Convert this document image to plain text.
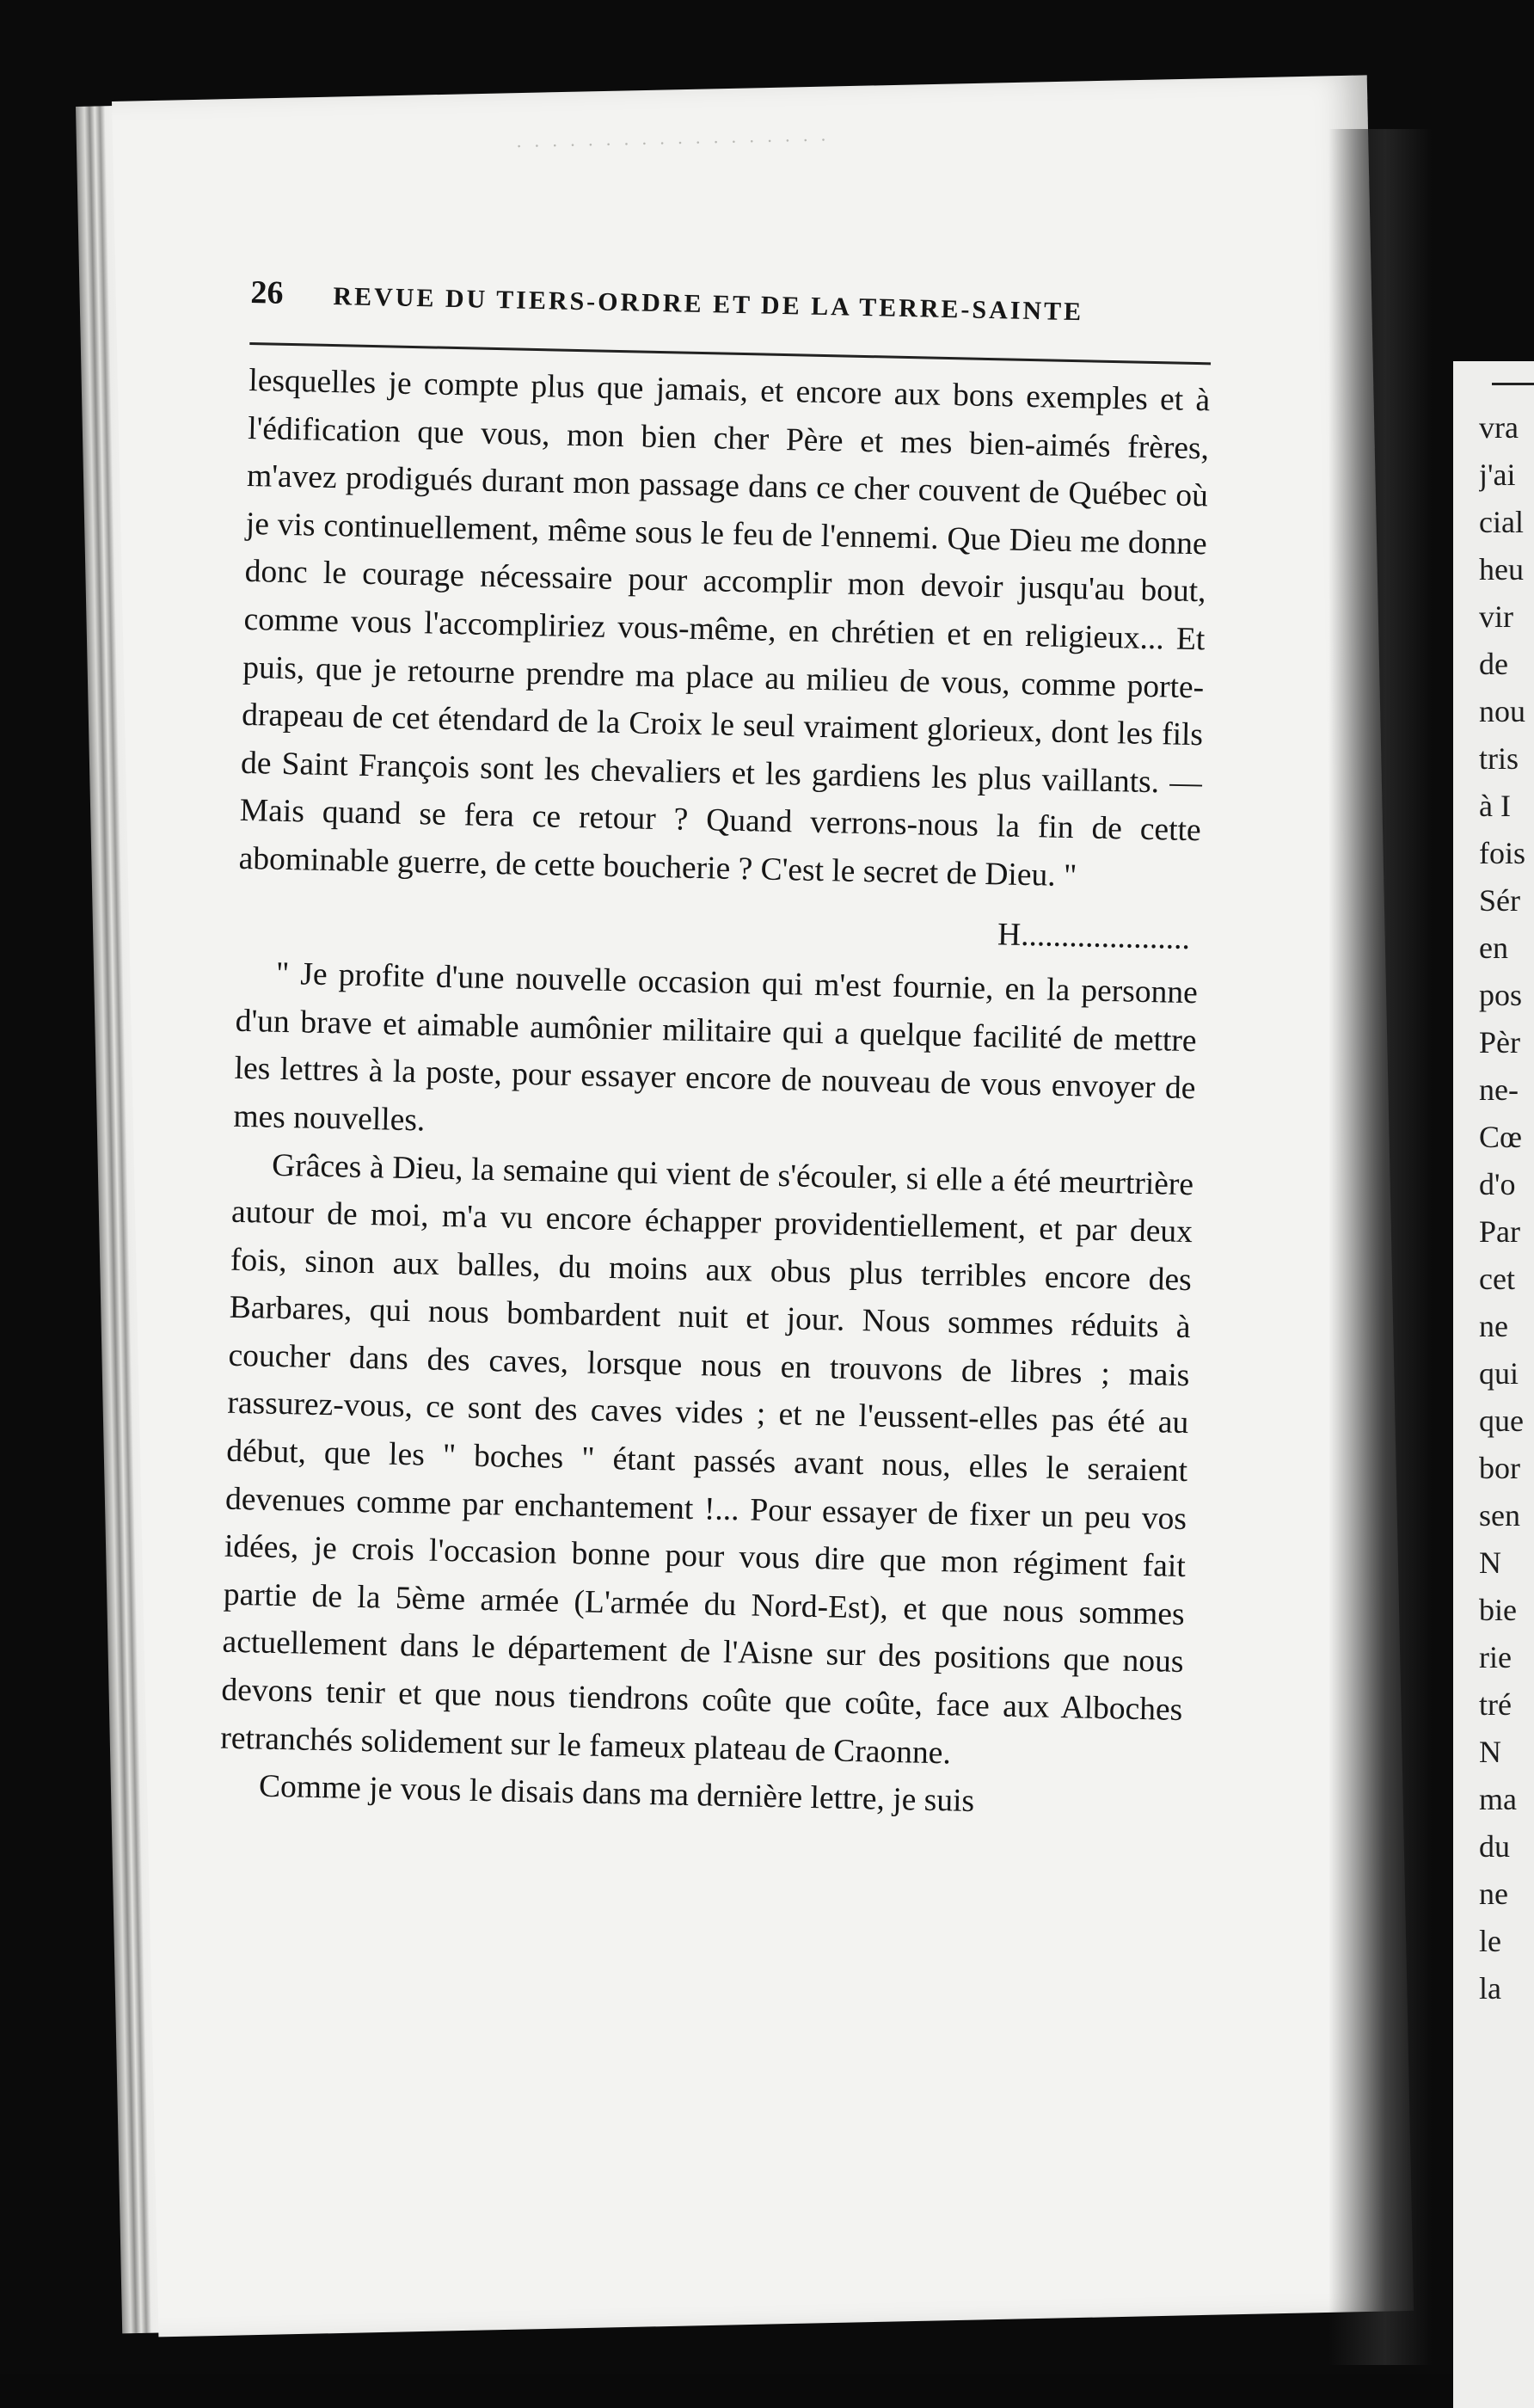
· · · · · · · · · · · · · · · · · ·
vra
j'ai
cial
heu
vir
de
nou
tris
à I
fois
Sér
en
pos
Pèr
ne-
Cœ
d'o
Par
cet
ne
qui
que
bor
sen
N
bie
rie
tré
N
ma
du
ne
le
la
26 REVUE DU TIERS-ORDRE ET DE LA TERRE-SAINTE

lesquelles je compte plus que jamais, et encore aux bons exemples et à l'édification que vous, mon bien cher Père et mes bien-aimés frères, m'avez prodigués durant mon passage dans ce cher couvent de Québec où je vis continuellement, même sous le feu de l'ennemi. Que Dieu me donne donc le courage nécessaire pour accomplir mon devoir jusqu'au bout, comme vous l'accompliriez vous-même, en chrétien et en religieux... Et puis, que je retourne prendre ma place au milieu de vous, comme porte-drapeau de cet étendard de la Croix le seul vraiment glorieux, dont les fils de Saint François sont les chevaliers et les gardiens les plus vaillants. — Mais quand se fera ce retour ? Quand verrons-nous la fin de cette abominable guerre, de cette boucherie ? C'est le secret de Dieu. "

H.....................

" Je profite d'une nouvelle occasion qui m'est fournie, en la personne d'un brave et aimable aumônier militaire qui a quelque facilité de mettre les lettres à la poste, pour essayer encore de nouveau de vous envoyer de mes nouvelles.

Grâces à Dieu, la semaine qui vient de s'écouler, si elle a été meurtrière autour de moi, m'a vu encore échapper providentiellement, et par deux fois, sinon aux balles, du moins aux obus plus terribles encore des Barbares, qui nous bombardent nuit et jour. Nous sommes réduits à coucher dans des caves, lorsque nous en trouvons de libres ; mais rassurez-vous, ce sont des caves vides ; et ne l'eussent-elles pas été au début, que les " boches " étant passés avant nous, elles le seraient devenues comme par enchantement !... Pour essayer de fixer un peu vos idées, je crois l'occasion bonne pour vous dire que mon régiment fait partie de la 5ème armée (L'armée du Nord-Est), et que nous sommes actuellement dans le département de l'Aisne sur des positions que nous devons tenir et que nous tiendrons coûte que coûte, face aux Alboches retranchés solidement sur le fameux plateau de Craonne.

Comme je vous le disais dans ma dernière lettre, je suis
